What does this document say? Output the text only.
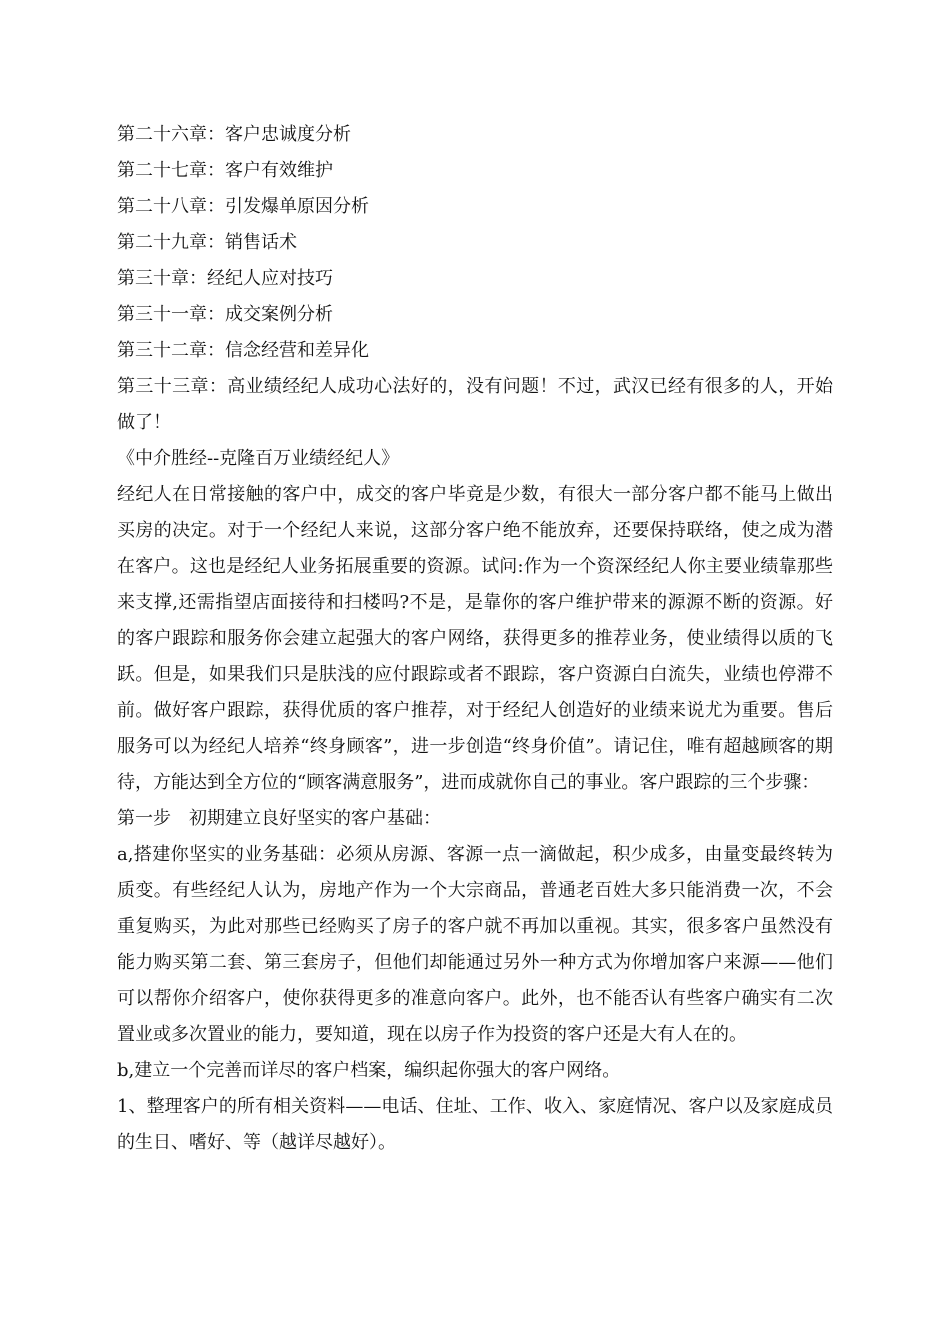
第二十六章：客户忠诚度分析
第二十七章：客户有效维护
第二十八章：引发爆单原因分析
第二十九章：销售话术
第三十章：经纪人应对技巧
第三十一章：成交案例分析
第三十二章：信念经营和差异化

第三十三章：高业绩经纪人成功心法好的，没有问题！不过，武汉已经有很多的人，开始做了！

《中介胜经--克隆百万业绩经纪人》

经纪人在日常接触的客户中，成交的客户毕竟是少数，有很大一部分客户都不能马上做出买房的决定。对于一个经纪人来说，这部分客户绝不能放弃，还要保持联络，使之成为潜在客户。这也是经纪人业务拓展重要的资源。试问:作为一个资深经纪人你主要业绩靠那些来支撑,还需指望店面接待和扫楼吗?不是，是靠你的客户维护带来的源源不断的资源。好的客户跟踪和服务你会建立起强大的客户网络，获得更多的推荐业务，使业绩得以质的飞跃。但是，如果我们只是肤浅的应付跟踪或者不跟踪，客户资源白白流失，业绩也停滞不前。做好客户跟踪，获得优质的客户推荐，对于经纪人创造好的业绩来说尤为重要。售后服务可以为经纪人培养“终身顾客”，进一步创造“终身价值”。请记住，唯有超越顾客的期待，方能达到全方位的“顾客满意服务”，进而成就你自己的事业。客户跟踪的三个步骤：

第一步　初期建立良好坚实的客户基础：

a,搭建你坚实的业务基础：必须从房源、客源一点一滴做起，积少成多，由量变最终转为质变。有些经纪人认为，房地产作为一个大宗商品，普通老百姓大多只能消费一次，不会重复购买，为此对那些已经购买了房子的客户就不再加以重视。其实，很多客户虽然没有能力购买第二套、第三套房子，但他们却能通过另外一种方式为你增加客户来源——他们可以帮你介绍客户，使你获得更多的准意向客户。此外，也不能否认有些客户确实有二次置业或多次置业的能力，要知道，现在以房子作为投资的客户还是大有人在的。

b,建立一个完善而详尽的客户档案，编织起你强大的客户网络。

1、整理客户的所有相关资料——电话、住址、工作、收入、家庭情况、客户以及家庭成员的生日、嗜好、等（越详尽越好）。
